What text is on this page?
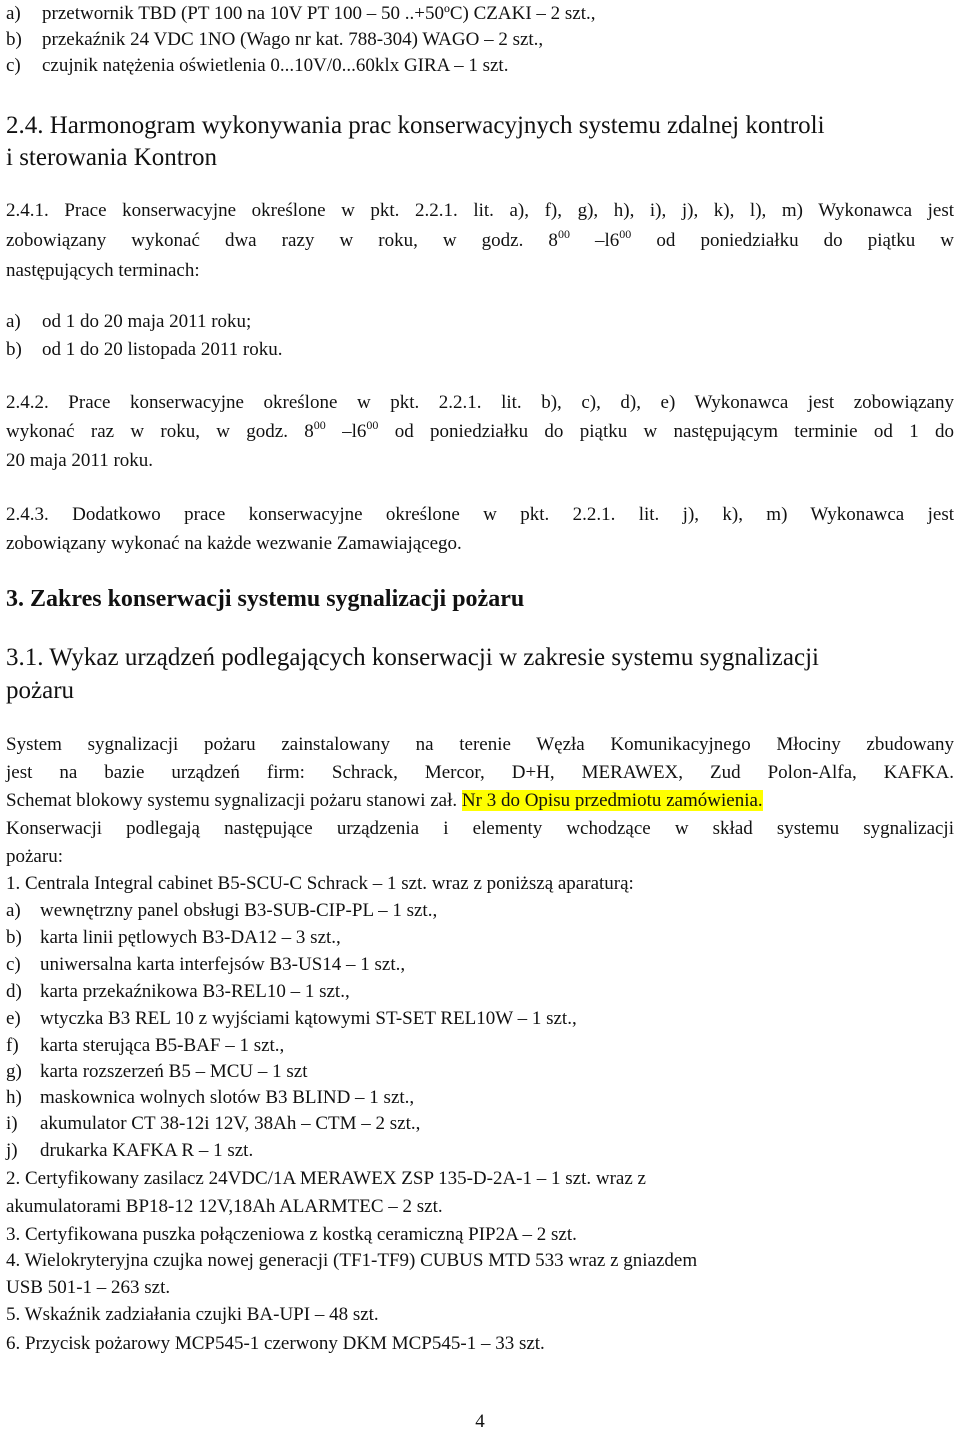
a) przetwornik TBD (PT 100 na 10V PT 100 – 50 ..+50ºC) CZAKI – 2 szt.,
b) przekaźnik 24 VDC 1NO (Wago nr kat. 788-304) WAGO – 2 szt.,
c) czujnik natężenia oświetlenia 0...10V/0...60klx GIRA – 1 szt.
2.4. Harmonogram wykonywania prac konserwacyjnych systemu zdalnej kontroli
i sterowania Kontron
2.4.1. Prace konserwacyjne określone w pkt. 2.2.1. lit. a), f), g), h), i), j), k), l), m) Wykonawca jest
zobowiązany wykonać dwa razy w roku, w godz. $8^{00}$ $-l6^{00}$ od poniedziałku do piątku w
następujących terminach:
a) od 1 do 20 maja 2011 roku;
b) od 1 do 20 listopada 2011 roku.
2.4.2. Prace konserwacyjne określone w pkt. 2.2.1. lit. b), c), d), e) Wykonawca jest zobowiązany
wykonać raz w roku, w godz. $8^{00}$ $-l6^{00}$ od poniedziałku do piątku w następującym terminie od 1 do
20 maja 2011 roku.
2.4.3. Dodatkowo prace konserwacyjne określone w pkt. 2.2.1. lit. j), k), m) Wykonawca jest
zobowiązany wykonać na każde wezwanie Zamawiającego.
3. Zakres konserwacji systemu sygnalizacji pożaru
3.1. Wykaz urządzeń podlegających konserwacji w zakresie systemu sygnalizacji
pożaru
System sygnalizacji pożaru zainstalowany na terenie Węzła Komunikacyjnego Młociny zbudowany
jest na bazie urządzeń firm: Schrack, Mercor, D+H, MERAWEX, Zud Polon-Alfa, KAFKA.
Schemat blokowy systemu sygnalizacji pożaru stanowi zał. Nr 3 do Opisu przedmiotu zamówienia.
Konserwacji podlegają następujące urządzenia i elementy wchodzące w skład systemu sygnalizacji
pożaru:
1. Centrala Integral cabinet B5-SCU-C Schrack – 1 szt. wraz z poniższą aparaturą:
a) wewnętrzny panel obsługi B3-SUB-CIP-PL – 1 szt.,
b) karta linii pętlowych B3-DA12 – 3 szt.,
c) uniwersalna karta interfejsów B3-US14 – 1 szt.,
d) karta przekaźnikowa B3-REL10 – 1 szt.,
e) wtyczka B3 REL 10 z wyjściami kątowymi ST-SET REL10W – 1 szt.,
f) karta sterująca B5-BAF – 1 szt.,
g) karta rozszerzeń B5 – MCU – 1 szt
h) maskownica wolnych slotów B3 BLIND – 1 szt.,
i) akumulator CT 38-12i 12V, 38Ah – CTM – 2 szt.,
j) drukarka KAFKA R – 1 szt.
2. Certyfikowany zasilacz 24VDC/1A MERAWEX ZSP 135-D-2A-1 – 1 szt. wraz z
akumulatorami BP18-12 12V,18Ah ALARMTEC – 2 szt.
3. Certyfikowana puszka połączeniowa z kostką ceramiczną PIP2A – 2 szt.
4. Wielokryteryjna czujka nowej generacji (TF1-TF9) CUBUS MTD 533 wraz z gniazdem
USB 501-1 – 263 szt.
5. Wskaźnik zadziałania czujki BA-UPI – 48 szt.
6. Przycisk pożarowy MCP545-1 czerwony DKM MCP545-1 – 33 szt.
4
